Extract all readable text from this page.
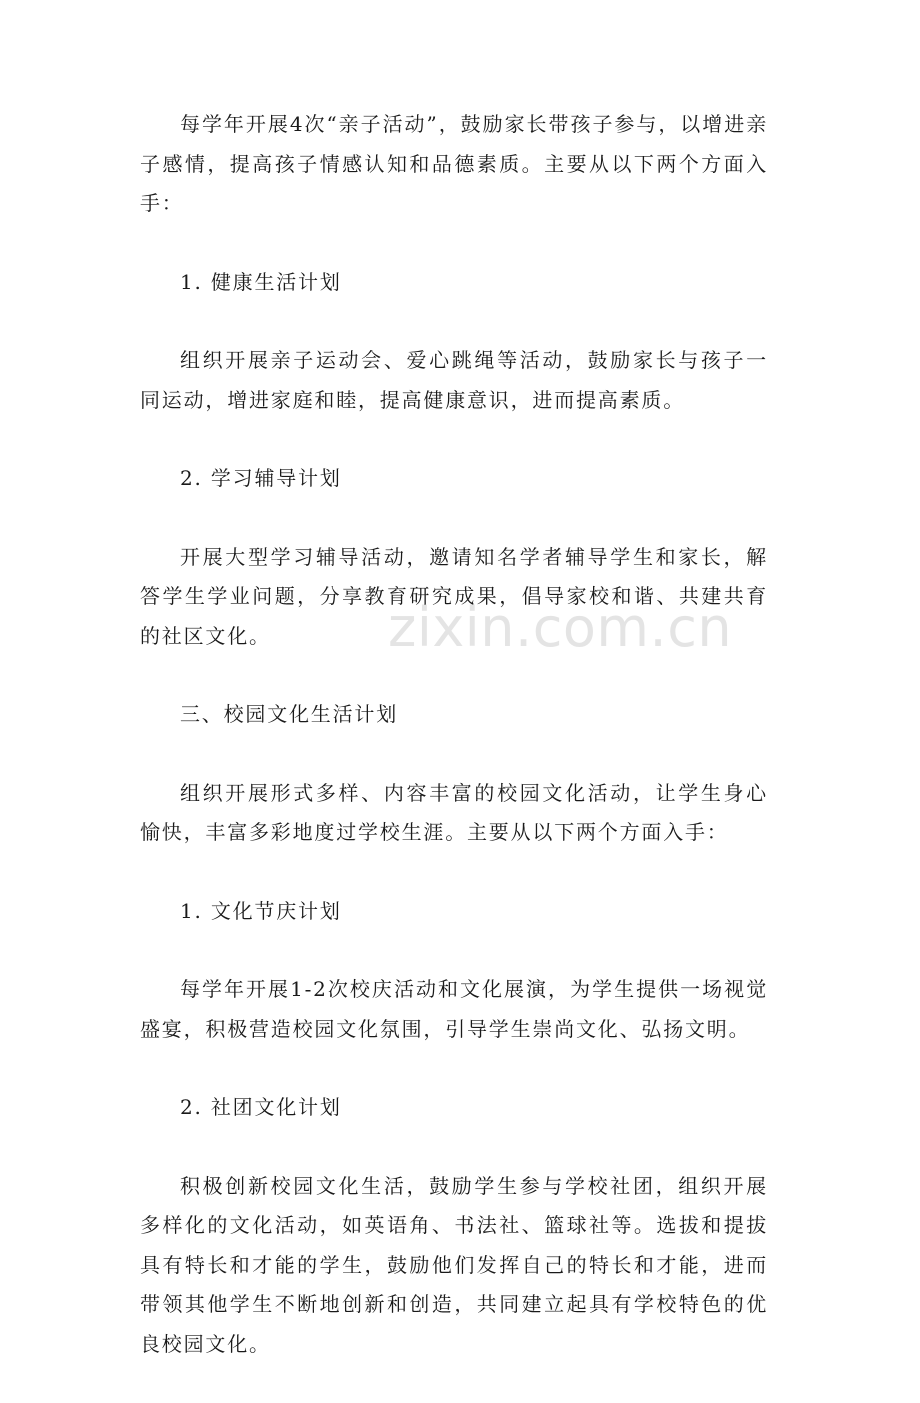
zixin.com.cn

每学年开展4次“亲子活动”，鼓励家长带孩子参与，以增进亲子感情，提高孩子情感认知和品德素质。主要从以下两个方面入手：

1. 健康生活计划

组织开展亲子运动会、爱心跳绳等活动，鼓励家长与孩子一同运动，增进家庭和睦，提高健康意识，进而提高素质。

2. 学习辅导计划

开展大型学习辅导活动，邀请知名学者辅导学生和家长，解答学生学业问题，分享教育研究成果，倡导家校和谐、共建共育的社区文化。

三、校园文化生活计划

组织开展形式多样、内容丰富的校园文化活动，让学生身心愉快，丰富多彩地度过学校生涯。主要从以下两个方面入手：

1. 文化节庆计划

每学年开展1-2次校庆活动和文化展演，为学生提供一场视觉盛宴，积极营造校园文化氛围，引导学生崇尚文化、弘扬文明。

2. 社团文化计划

积极创新校园文化生活，鼓励学生参与学校社团，组织开展多样化的文化活动，如英语角、书法社、篮球社等。选拔和提拔具有特长和才能的学生，鼓励他们发挥自己的特长和才能，进而带领其他学生不断地创新和创造，共同建立起具有学校特色的优良校园文化。
